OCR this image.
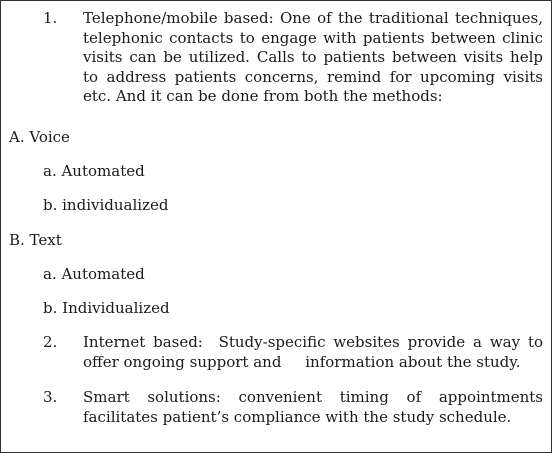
1. Telephone/mobile based: One of the traditional techniques, telephonic contacts to engage with patients between clinic visits can be utilized. Calls to patients between visits help to address patients concerns, remind for upcoming visits etc. And it can be done from both the methods:
A. Voice
a. Automated
b. individualized
B. Text
a. Automated
b. Individualized
2. Internet based:  Study-specific websites provide a way to offer ongoing support and     information about the study.
3. Smart solutions: convenient timing of appointments facilitates patient’s compliance with the study schedule.
